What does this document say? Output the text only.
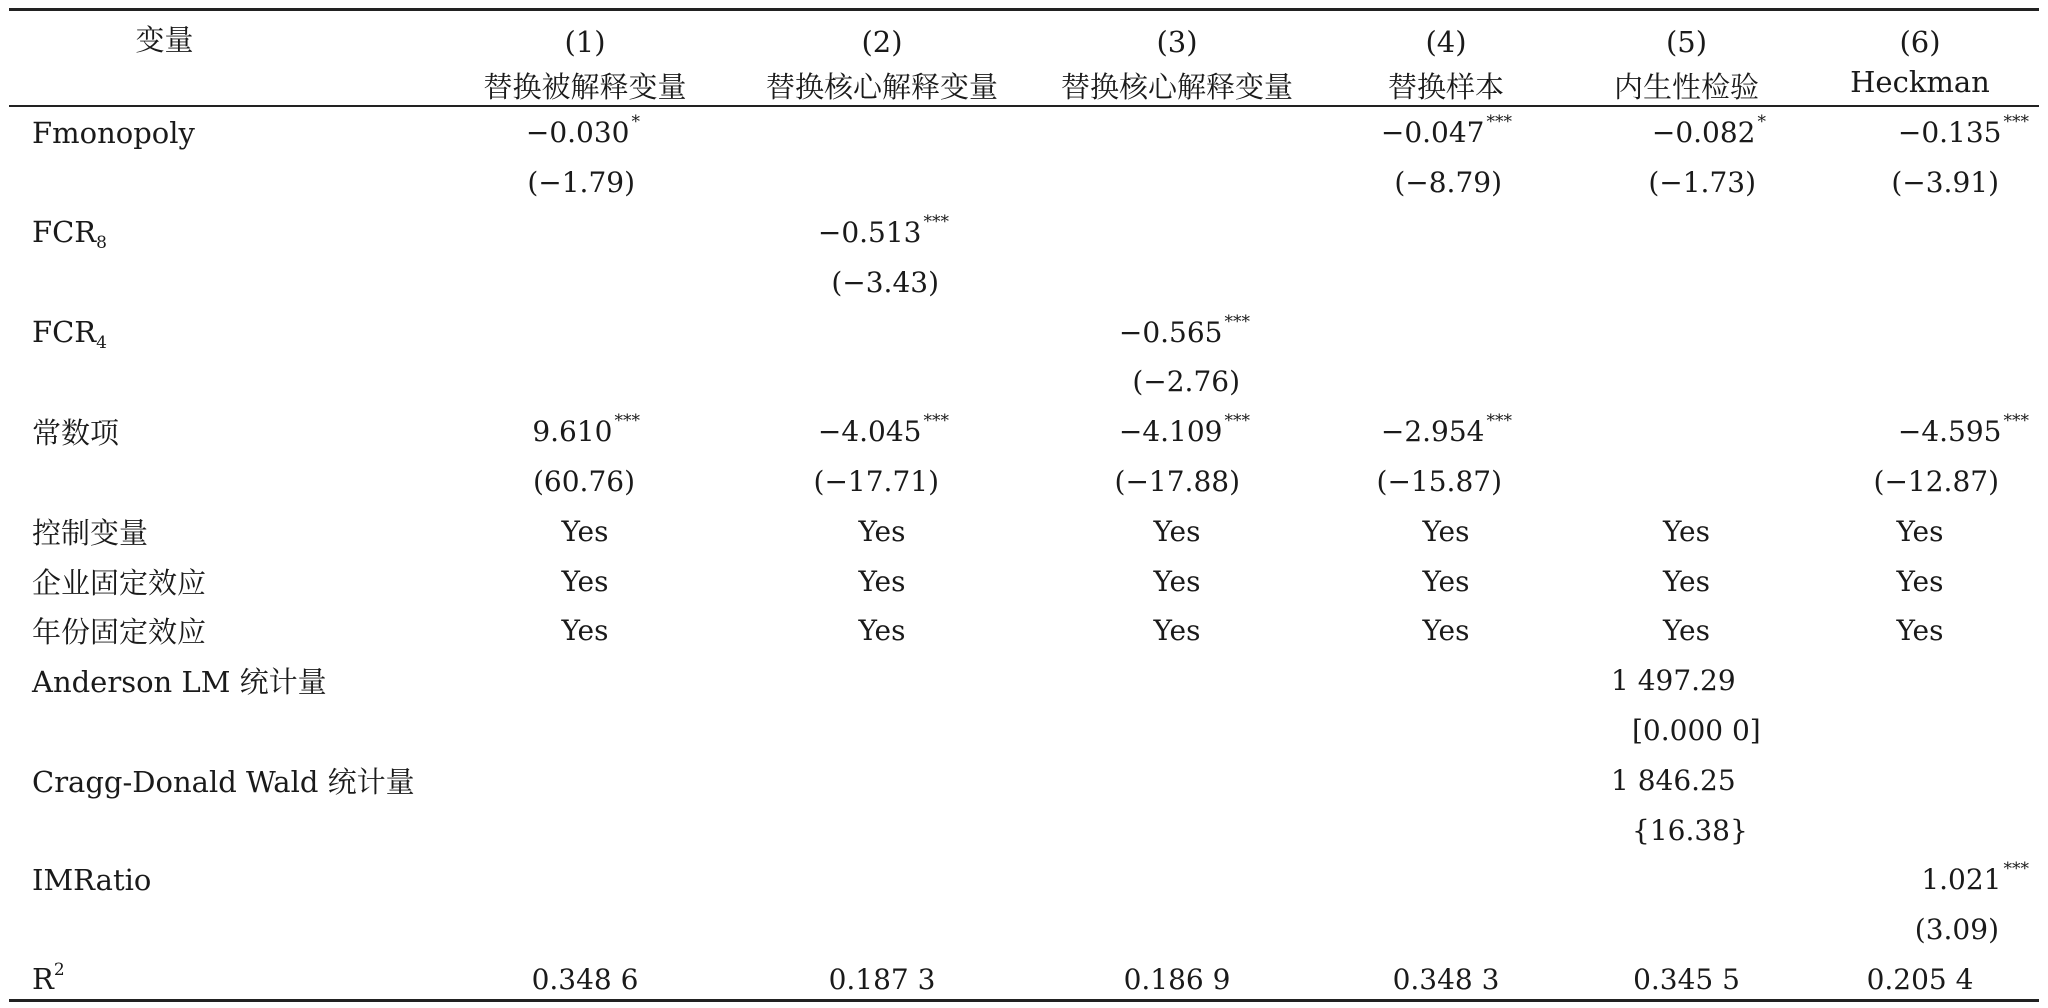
变量	(1)	(2)	(3)	(4)	(5)	(6)
	替换被解释变量	替换核心解释变量	替换核心解释变量	替换样本	内生性检验	Heckman
Fmonopoly	−0.030 *			−0.047 ***	−0.082 *	−0.135 ***
	(−1.79)			(−8.79)	(−1.73)	(−3.91)
$FCR_8$		−0.513 ***				
		(−3.43)				
$FCR_4$			−0.565 ***			
			(−2.76)			
常数项	9.610 ***	−4.045 ***	−4.109 ***	−2.954 ***		−4.595 ***
	(60.76)	(−17.71)	(−17.88)	(−15.87)		(−12.87)
控制变量	Yes	Yes	Yes	Yes	Yes	Yes
企业固定效应	Yes	Yes	Yes	Yes	Yes	Yes
年份固定效应	Yes	Yes	Yes	Yes	Yes	Yes
Anderson LM 统计量					1 497.29	
					[0.000 0]	
Cragg-Donald Wald 统计量					1 846.25	
					{16.38}	
IMRatio						1.021 ***
						(3.09)
$R^2$	0.348 6	0.187 3	0.186 9	0.348 3	0.345 5	0.205 4
